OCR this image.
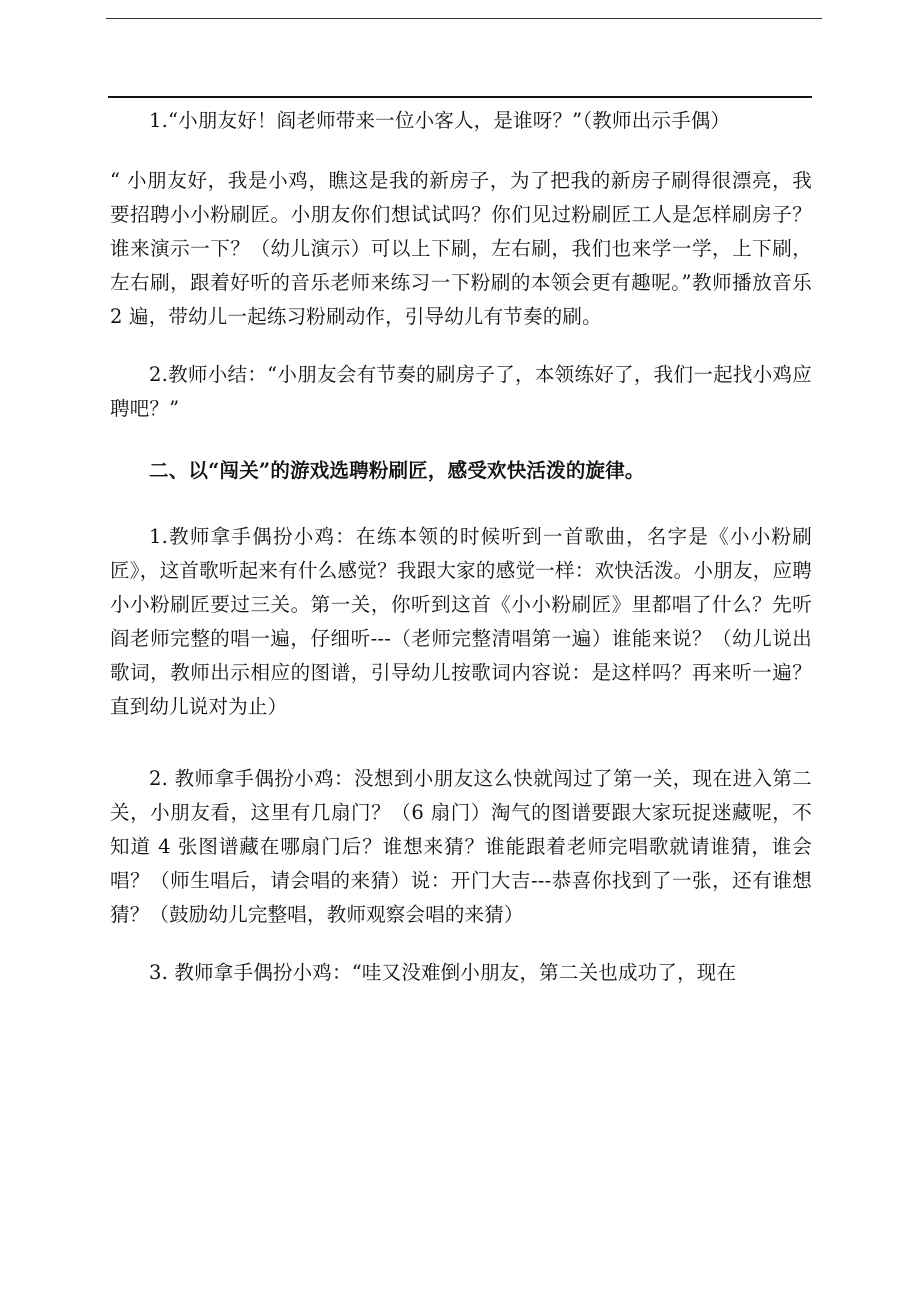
1.“小朋友好！阎老师带来一位小客人，是谁呀？”（教师出示手偶）

“ 小朋友好，我是小鸡，瞧这是我的新房子，为了把我的新房子刷得很漂亮，我要招聘小小粉刷匠。小朋友你们想试试吗？你们见过粉刷匠工人是怎样刷房子？谁来演示一下？（幼儿演示）可以上下刷，左右刷，我们也来学一学，上下刷，左右刷，跟着好听的音乐老师来练习一下粉刷的本领会更有趣呢。”教师播放音乐 2 遍，带幼儿一起练习粉刷动作，引导幼儿有节奏的刷。

2.教师小结：“小朋友会有节奏的刷房子了，本领练好了，我们一起找小鸡应聘吧？”

二、以“闯关”的游戏选聘粉刷匠，感受欢快活泼的旋律。

1.教师拿手偶扮小鸡：在练本领的时候听到一首歌曲，名字是《小小粉刷匠》，这首歌听起来有什么感觉？我跟大家的感觉一样：欢快活泼。小朋友，应聘小小粉刷匠要过三关。第一关，你听到这首《小小粉刷匠》里都唱了什么？先听阎老师完整的唱一遍，仔细听---（老师完整清唱第一遍）谁能来说？（幼儿说出歌词，教师出示相应的图谱，引导幼儿按歌词内容说：是这样吗？再来听一遍？直到幼儿说对为止）

2. 教师拿手偶扮小鸡：没想到小朋友这么快就闯过了第一关，现在进入第二关，小朋友看，这里有几扇门？（6 扇门）淘气的图谱要跟大家玩捉迷藏呢，不知道 4 张图谱藏在哪扇门后？谁想来猜？谁能跟着老师完唱歌就请谁猜，谁会唱？（师生唱后，请会唱的来猜）说：开门大吉---恭喜你找到了一张，还有谁想猜？（鼓励幼儿完整唱，教师观察会唱的来猜）

3. 教师拿手偶扮小鸡：“哇又没难倒小朋友，第二关也成功了，现在
